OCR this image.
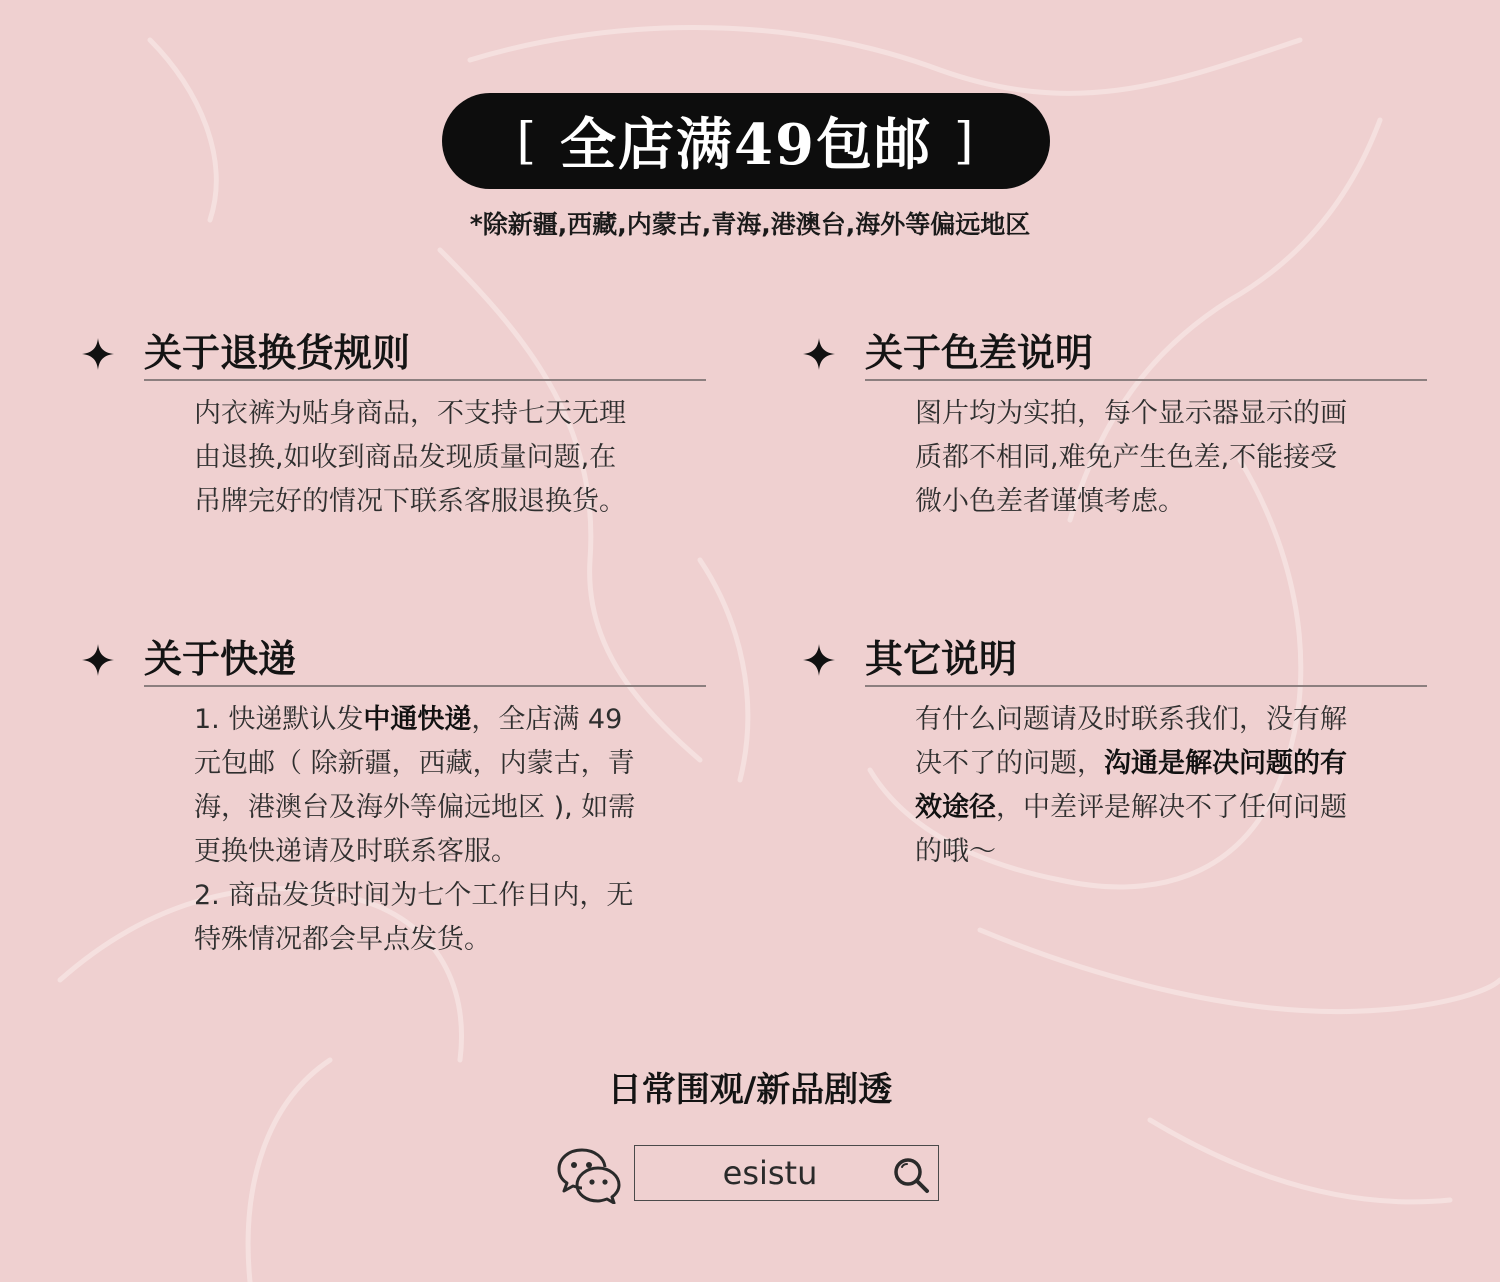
[ 全店满49包邮 ]
*除新疆,西藏,内蒙古,青海,港澳台,海外等偏远地区
关于退换货规则

内衣裤为贴身商品，不支持七天无理

由退换,如收到商品发现质量问题,在

吊牌完好的情况下联系客服退换货。

关于色差说明

图片均为实拍，每个显示器显示的画

质都不相同,难免产生色差,不能接受

微小色差者谨慎考虑。

关于快递

1. 快递默认发中通快递，全店满 49

元包邮（ 除新疆，西藏，内蒙古，青

海，港澳台及海外等偏远地区 ), 如需

更换快递请及时联系客服。

2. 商品发货时间为七个工作日内，无

特殊情况都会早点发货。

其它说明

有什么问题请及时联系我们，没有解

决不了的问题，沟通是解决问题的有

效途径，中差评是解决不了任何问题

的哦～

日常围观/新品剧透
esistu
